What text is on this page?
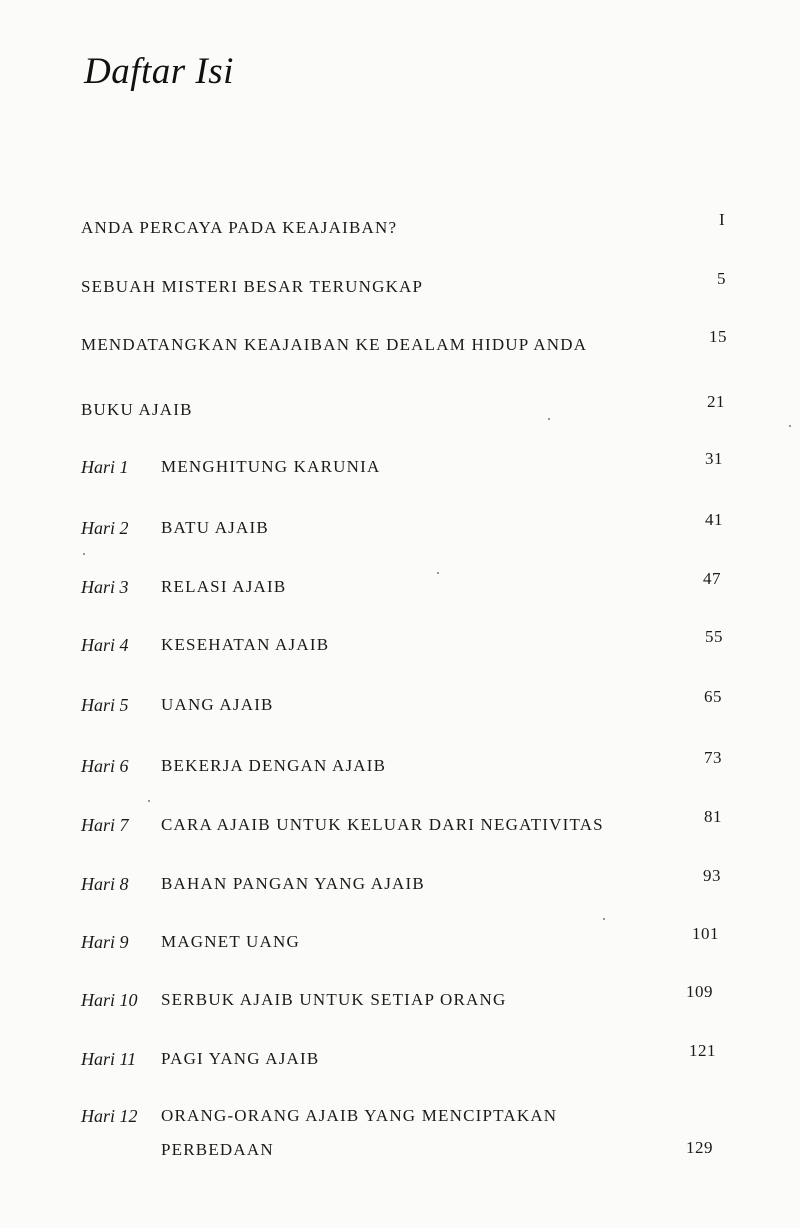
Daftar Isi
ANDA PERCAYA PADA KEAJAIBAN?	I
SEBUAH MISTERI BESAR TERUNGKAP	5
MENDATANGKAN KEAJAIBAN KE DEALAM HIDUP ANDA	15
BUKU AJAIB	21
Hari 1 MENGHITUNG KARUNIA	31
Hari 2 BATU AJAIB	41
Hari 3 RELASI AJAIB	47
Hari 4 KESEHATAN AJAIB	55
Hari 5 UANG AJAIB	65
Hari 6 BEKERJA DENGAN AJAIB	73
Hari 7 CARA AJAIB UNTUK KELUAR DARI NEGATIVITAS	81
Hari 8 BAHAN PANGAN YANG AJAIB	93
Hari 9 MAGNET UANG	101
Hari 10 SERBUK AJAIB UNTUK SETIAP ORANG	109
Hari 11 PAGI YANG AJAIB	121
Hari 12 ORANG-ORANG AJAIB YANG MENCIPTAKAN
PERBEDAAN	129
